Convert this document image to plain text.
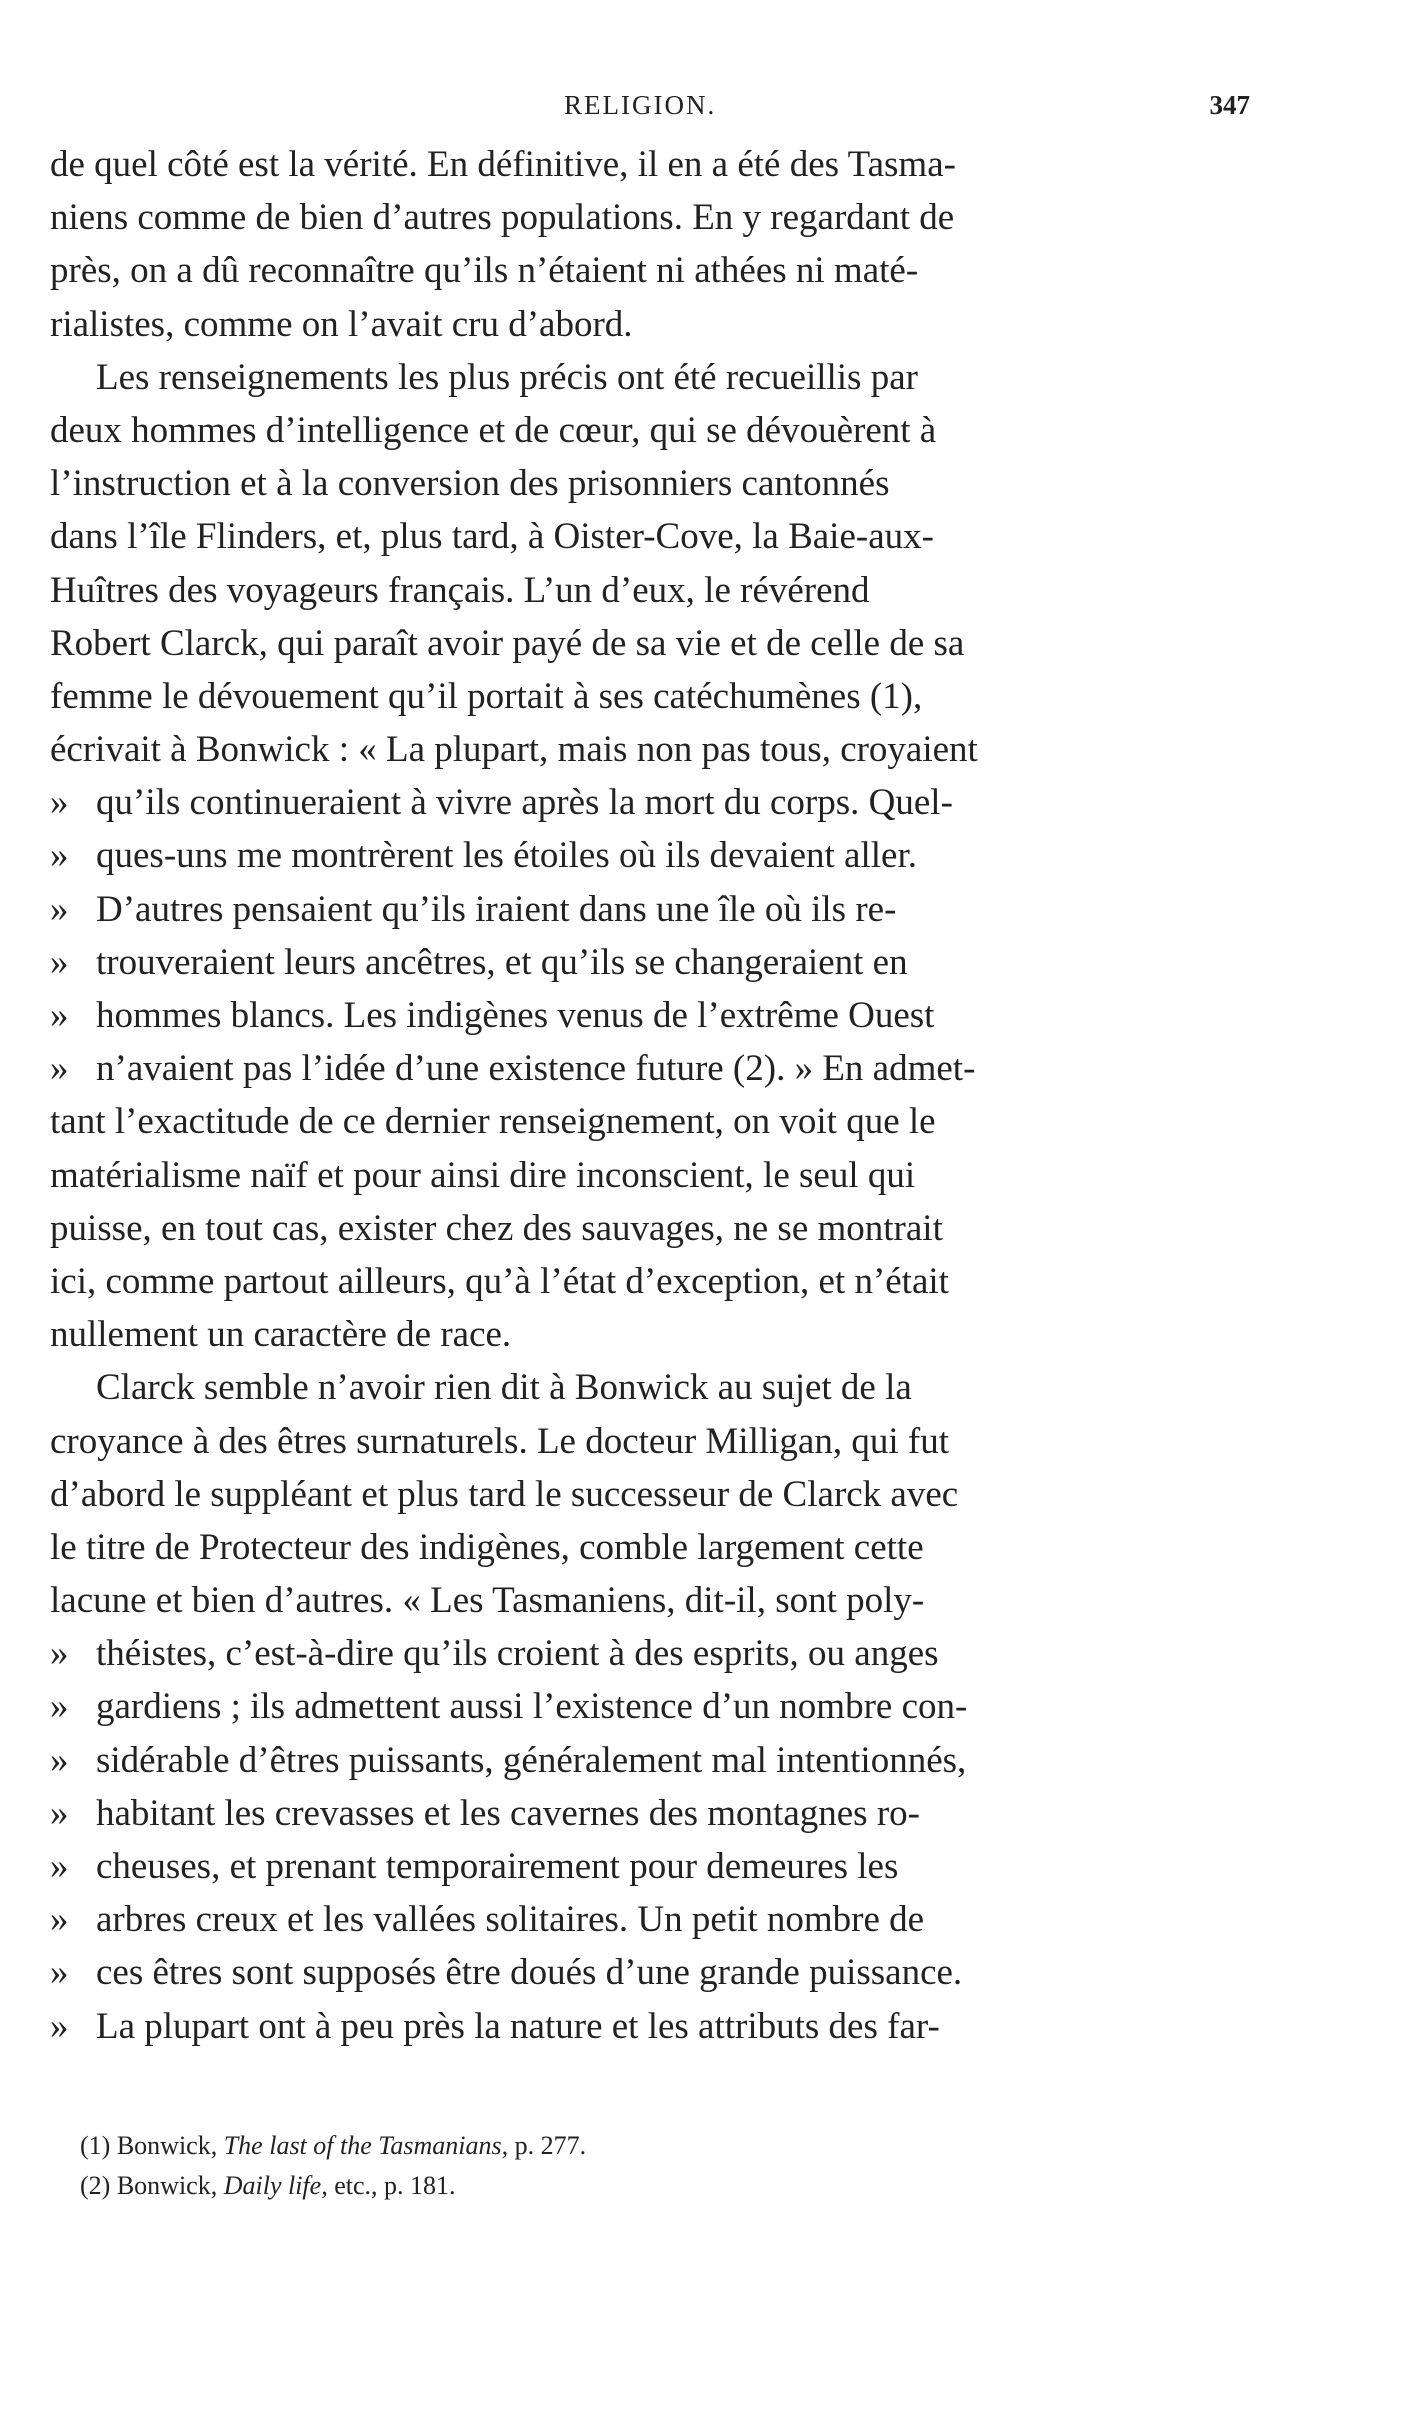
RELIGION.	347
de quel côté est la vérité. En définitive, il en a été des Tasma-
niens comme de bien d’autres populations. En y regardant de
près, on a dû reconnaître qu’ils n’étaient ni athées ni maté-
rialistes, comme on l’avait cru d’abord.
Les renseignements les plus précis ont été recueillis par
deux hommes d’intelligence et de cœur, qui se dévouèrent à
l’instruction et à la conversion des prisonniers cantonnés
dans l’île Flinders, et, plus tard, à Oister-Cove, la Baie-aux-
Huîtres des voyageurs français. L’un d’eux, le révérend
Robert Clarck, qui paraît avoir payé de sa vie et de celle de sa
femme le dévouement qu’il portait à ses catéchumènes (1),
écrivait à Bonwick : « La plupart, mais non pas tous, croyaient
» qu’ils continueraient à vivre après la mort du corps. Quel-
» ques-uns me montrèrent les étoiles où ils devaient aller.
» D’autres pensaient qu’ils iraient dans une île où ils re-
» trouveraient leurs ancêtres, et qu’ils se changeraient en
» hommes blancs. Les indigènes venus de l’extrême Ouest
» n’avaient pas l’idée d’une existence future (2). » En admet-
tant l’exactitude de ce dernier renseignement, on voit que le
matérialisme naïf et pour ainsi dire inconscient, le seul qui
puisse, en tout cas, exister chez des sauvages, ne se montrait
ici, comme partout ailleurs, qu’à l’état d’exception, et n’était
nullement un caractère de race.
Clarck semble n’avoir rien dit à Bonwick au sujet de la
croyance à des êtres surnaturels. Le docteur Milligan, qui fut
d’abord le suppléant et plus tard le successeur de Clarck avec
le titre de Protecteur des indigènes, comble largement cette
lacune et bien d’autres. « Les Tasmaniens, dit-il, sont poly-
» théistes, c’est-à-dire qu’ils croient à des esprits, ou anges
» gardiens ; ils admettent aussi l’existence d’un nombre con-
» sidérable d’êtres puissants, généralement mal intentionnés,
» habitant les crevasses et les cavernes des montagnes ro-
» cheuses, et prenant temporairement pour demeures les
» arbres creux et les vallées solitaires. Un petit nombre de
» ces êtres sont supposés être doués d’une grande puissance.
» La plupart ont à peu près la nature et les attributs des far-
(1) Bonwick, The last of the Tasmanians, p. 277.
(2) Bonwick, Daily life, etc., p. 181.
